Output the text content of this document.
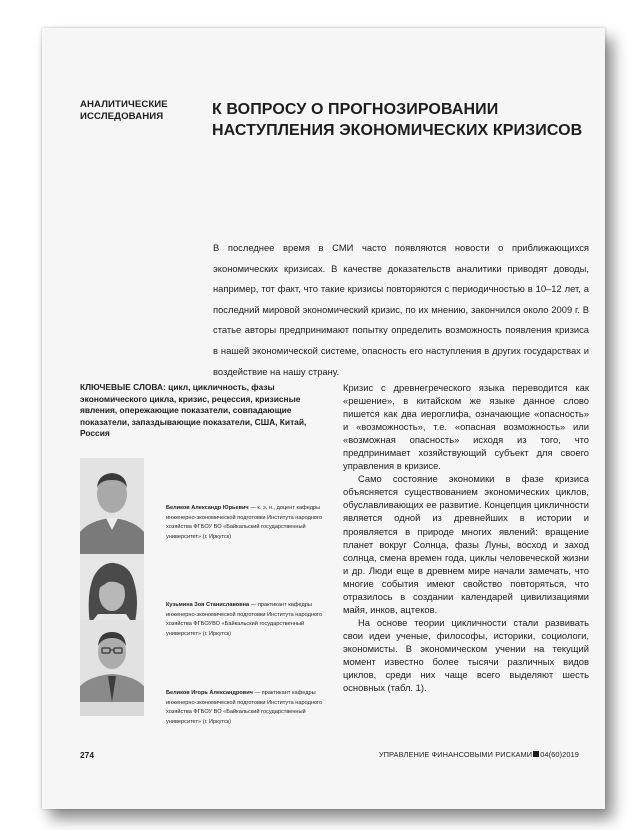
АНАЛИТИЧЕСКИЕ
ИССЛЕДОВАНИЯ	К ВОПРОСУ О ПРОГНОЗИРОВАНИИ
НАСТУПЛЕНИЯ ЭКОНОМИЧЕСКИХ КРИЗИСОВ

В последнее время в СМИ часто появляются новости о приближающихся экономических кризисах. В качестве доказательств аналитики приводят доводы, например, тот факт, что такие кризисы повторяются с периодичностью в 10–12 лет, а последний мировой экономический кризис, по их мнению, закончился около 2009 г. В статье авторы предпринимают попытку определить возможность появления кризиса в нашей экономической системе, опасность его наступления в других государствах и воздействие на нашу страну.

КЛЮЧЕВЫЕ СЛОВА: цикл, цикличность, фазы экономического цикла, кризис, рецессия, кризисные явления, опережающие показатели, совпадающие показатели, запаздывающие показатели, США, Китай, Россия
Беликов Александр Юрьевич — к. э. н., доцент кафедры инженерно-экономической подготовки Института народного хозяйства ФГБОУ ВО «Байкальский государственный университет» (г. Иркутск)
Кузьмина Зоя Станиславовна — практикант кафедры инженерно-экономической подготовки Института народного хозяйства ФГБОУВО «Байкальский государственный университет» (г. Иркутск)
Беликов Игорь Александрович — практикант кафедры инженерно-экономической подготовки Института народного хозяйства ФГБОУ ВО «Байкальский государственный университет» (г. Иркутск)

Кризис с древнегреческого языка переводится как «решение», в китайском же языке данное слово пишется как два иероглифа, означающие «опасность» и «возможность», т.е. «опасная возможность» или «возможная опасность» исходя из того, что предпринимает хозяйствующий субъект для своего управления в кризисе.

Само состояние экономики в фазе кризиса объясняется существованием экономических циклов, обуславливающих ее развитие. Концепция цикличности является одной из древнейших в истории и проявляется в природе многих явлений: вращение планет вокруг Солнца, фазы Луны, восход и заход солнца, смена времен года, циклы человеческой жизни и др. Люди еще в древнем мире начали замечать, что многие события имеют свойство повторяться, что отразилось в создании календарей цивилизациями майя, инков, ацтеков.

На основе теории цикличности стали развивать свои идеи ученые, философы, историки, социологи, экономисты. В экономическом учении на текущий момент известно более тысячи различных видов циклов, среди них чаще всего выделяют шесть основных (табл. 1).

274	УПРАВЛЕНИЕ ФИНАНСОВЫМИ РИСКАМИ 04(60)2019
